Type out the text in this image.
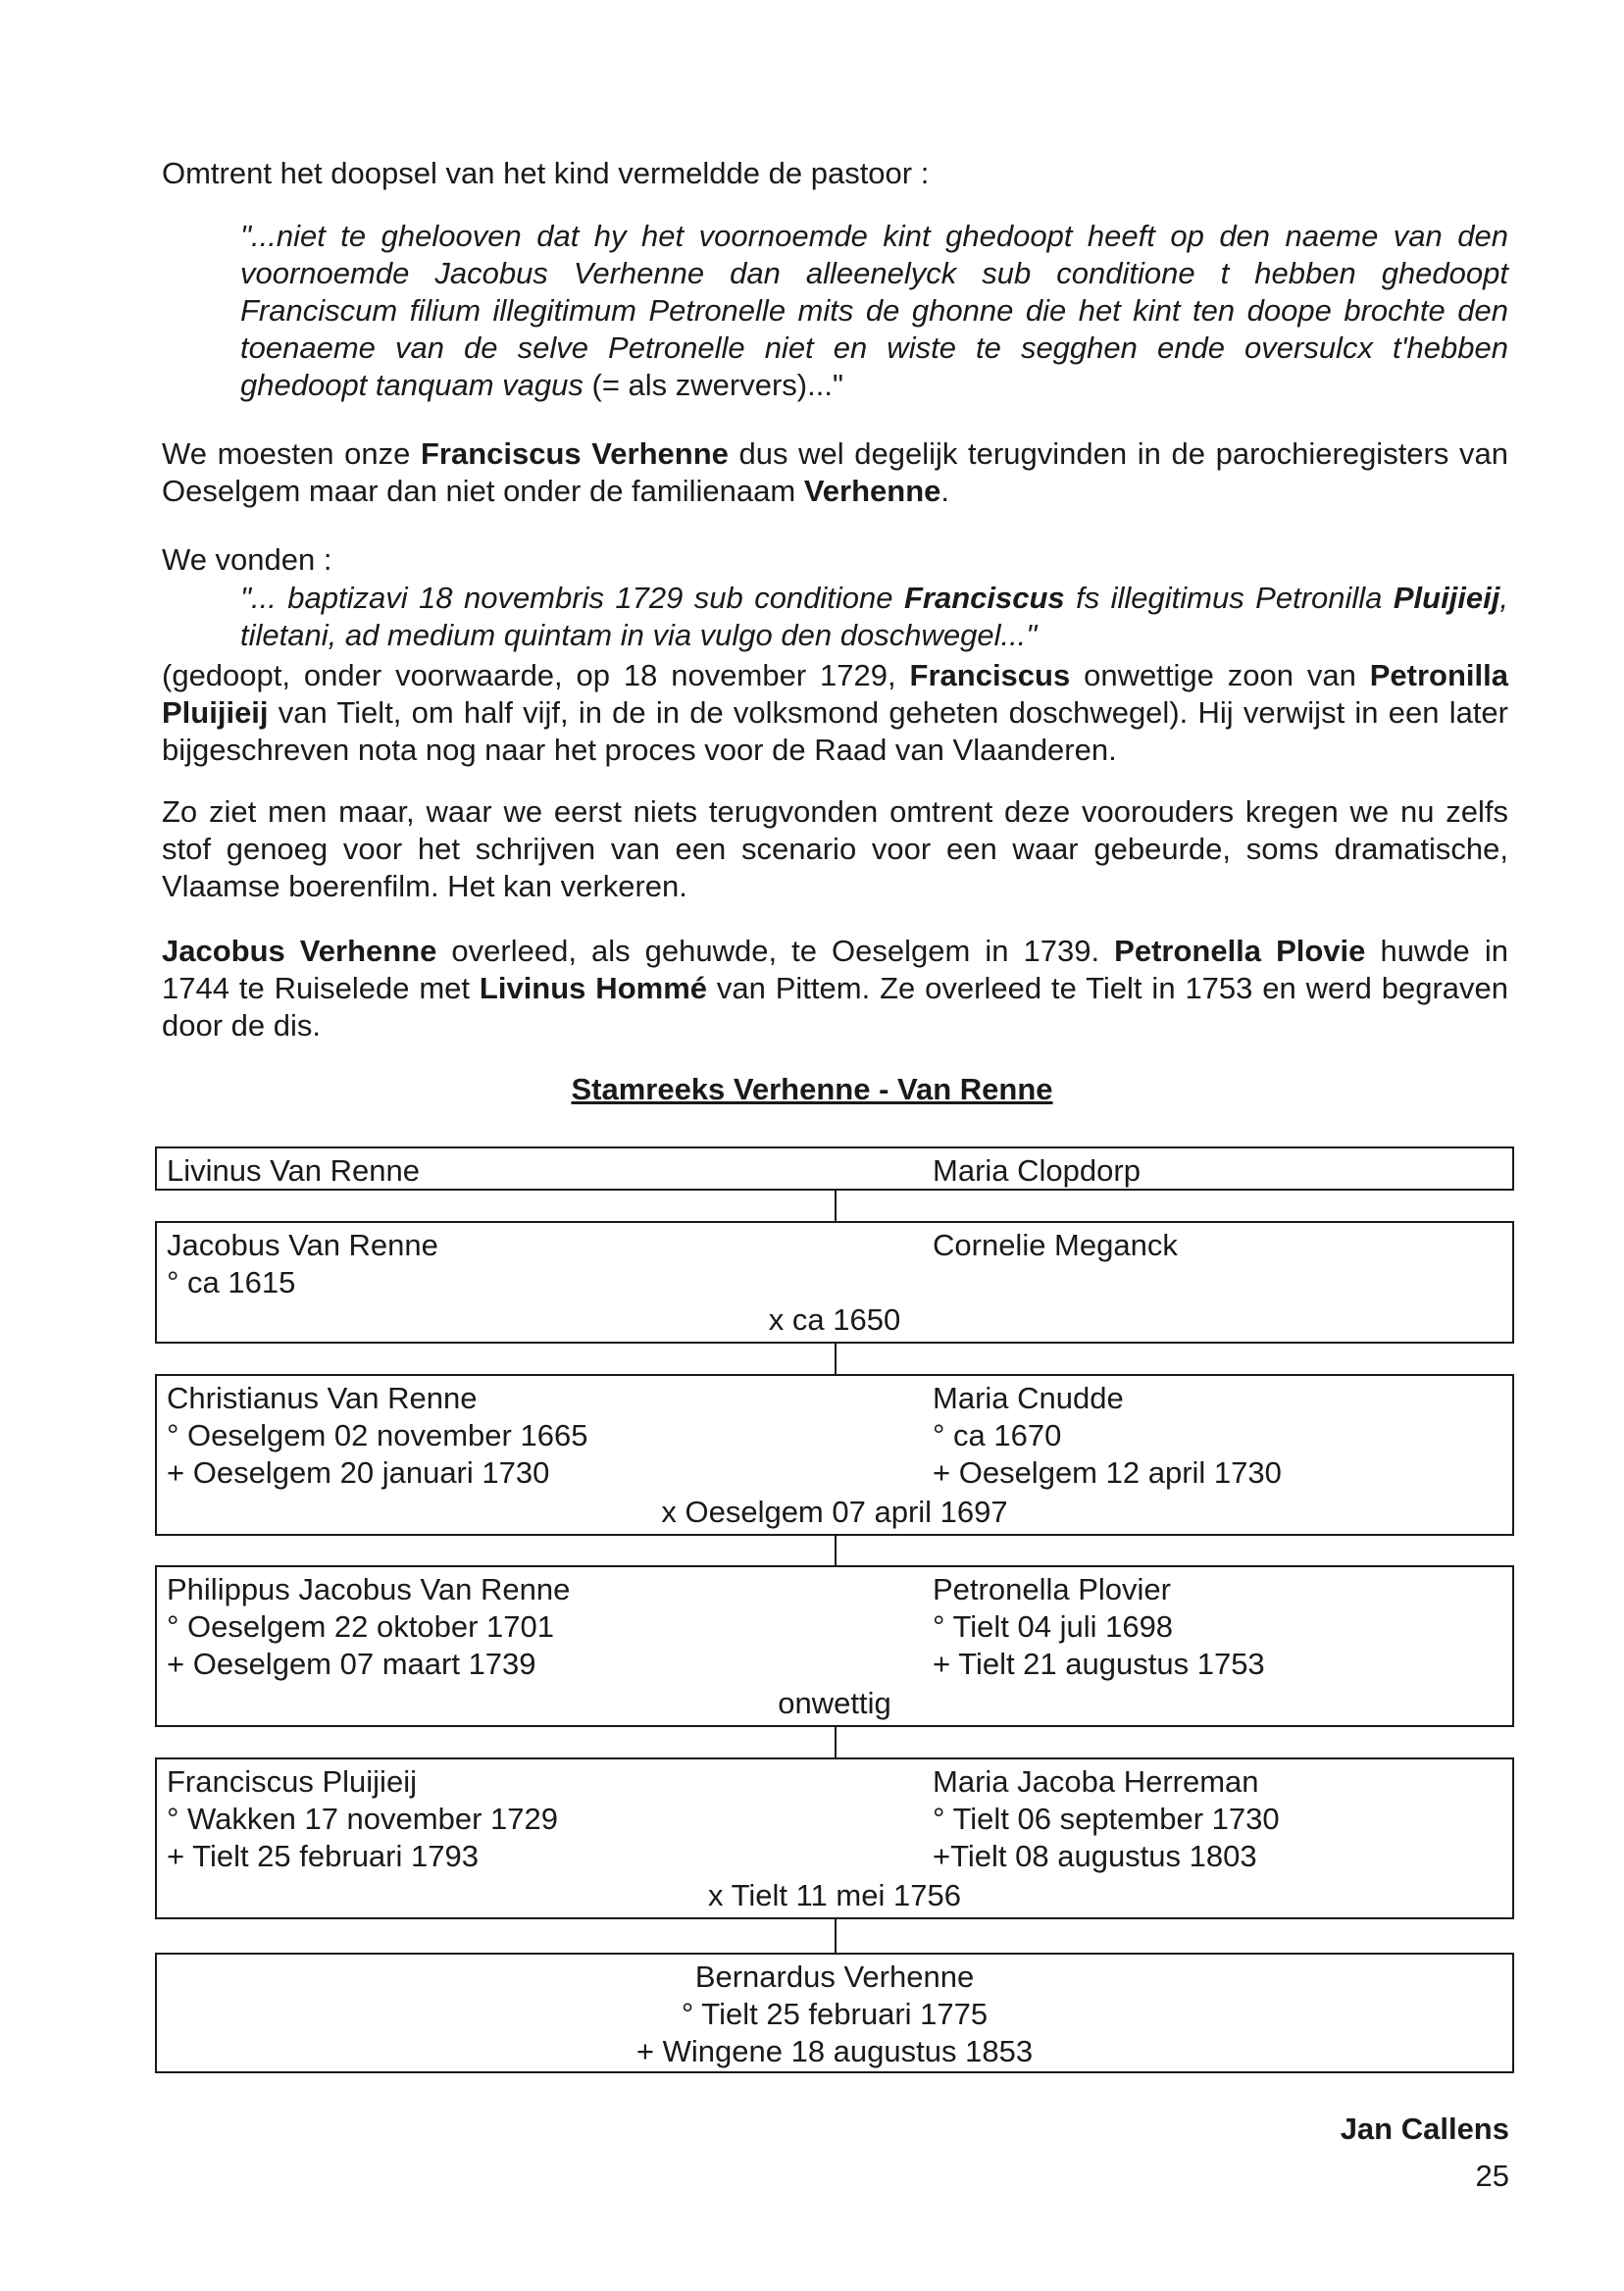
Omtrent het doopsel van het kind vermeldde de pastoor :

"...niet te ghelooven dat hy het voornoemde kint ghedoopt heeft op den naeme van den voornoemde Jacobus Verhenne dan alleenelyck sub conditione t hebben ghedoopt Franciscum filium illegitimum Petronelle mits de ghonne die het kint ten doope brochte den toenaeme van de selve Petronelle niet en wiste te segghen ende oversulcx t'hebben ghedoopt tanquam vagus (= als zwervers)..."

We moesten onze Franciscus Verhenne dus wel degelijk terugvinden in de parochieregisters van Oeselgem maar dan niet onder de familienaam Verhenne.

We vonden :

"... baptizavi 18 novembris 1729 sub conditione Franciscus fs illegitimus Petronilla Pluijieij, tiletani, ad medium quintam in via vulgo den doschwegel..."

(gedoopt, onder voorwaarde, op 18 november 1729, Franciscus onwettige zoon van Petronilla Pluijieij van Tielt, om half vijf, in de in de volksmond geheten doschwegel). Hij verwijst in een later bijgeschreven nota nog naar het proces voor de Raad van Vlaanderen.

Zo ziet men maar, waar we eerst niets terugvonden omtrent deze voorouders kregen we nu zelfs stof genoeg voor het schrijven van een scenario voor een waar gebeurde, soms dramatische, Vlaamse boerenfilm. Het kan verkeren.

Jacobus Verhenne overleed, als gehuwde, te Oeselgem in 1739. Petronella Plovie huwde in 1744 te Ruiselede met Livinus Hommé van Pittem. Ze overleed te Tielt in 1753 en werd begraven door de dis.

Stamreeks Verhenne - Van Renne
Livinus Van Renne	Maria Clopdorp
Jacobus Van Renne
° ca 1615
Cornelie Meganck
x ca 1650
Christianus Van Renne
° Oeselgem 02 november 1665
+ Oeselgem 20 januari 1730
Maria Cnudde
° ca 1670
+ Oeselgem 12 april 1730
x Oeselgem 07 april 1697
Philippus Jacobus Van Renne
° Oeselgem 22 oktober 1701
+ Oeselgem 07 maart 1739
Petronella Plovier
° Tielt 04 juli 1698
+ Tielt 21 augustus 1753
onwettig
Franciscus Pluijieij
° Wakken 17 november 1729
+ Tielt 25 februari 1793
Maria Jacoba Herreman
° Tielt 06 september 1730
+Tielt 08 augustus 1803
x Tielt 11 mei 1756
Bernardus Verhenne
° Tielt 25 februari 1775
+ Wingene 18 augustus 1853
Jan Callens
25
